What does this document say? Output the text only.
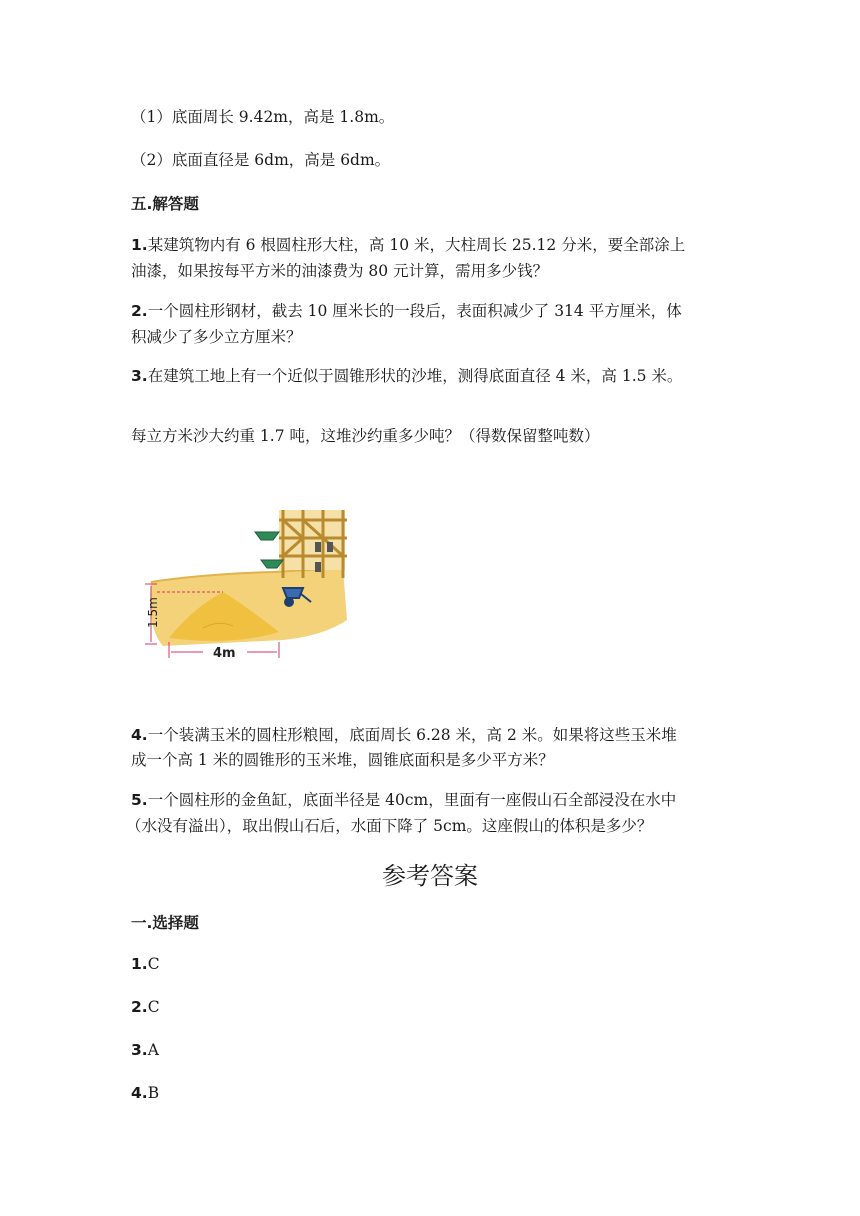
（1）底面周长 9.42m，高是 1.8m。
（2）底面直径是 6dm，高是 6dm。
五.解答题
1.某建筑物内有 6 根圆柱形大柱，高 10 米，大柱周长 25.12 分米，要全部涂上
油漆，如果按每平方米的油漆费为 80 元计算，需用多少钱？
2.一个圆柱形钢材，截去 10 厘米长的一段后，表面积减少了 314 平方厘米，体
积减少了多少立方厘米？
3.在建筑工地上有一个近似于圆锥形状的沙堆，测得底面直径 4 米，高 1.5 米。
每立方米沙大约重 1.7 吨，这堆沙约重多少吨？（得数保留整吨数）
1.5m
4m
4.一个装满玉米的圆柱形粮囤，底面周长 6.28 米，高 2 米。如果将这些玉米堆
成一个高 1 米的圆锥形的玉米堆，圆锥底面积是多少平方米？
5.一个圆柱形的金鱼缸，底面半径是 40cm，里面有一座假山石全部浸没在水中
（水没有溢出），取出假山石后，水面下降了 5cm。这座假山的体积是多少？
参考答案
一.选择题
1.C
2.C
3.A
4.B
